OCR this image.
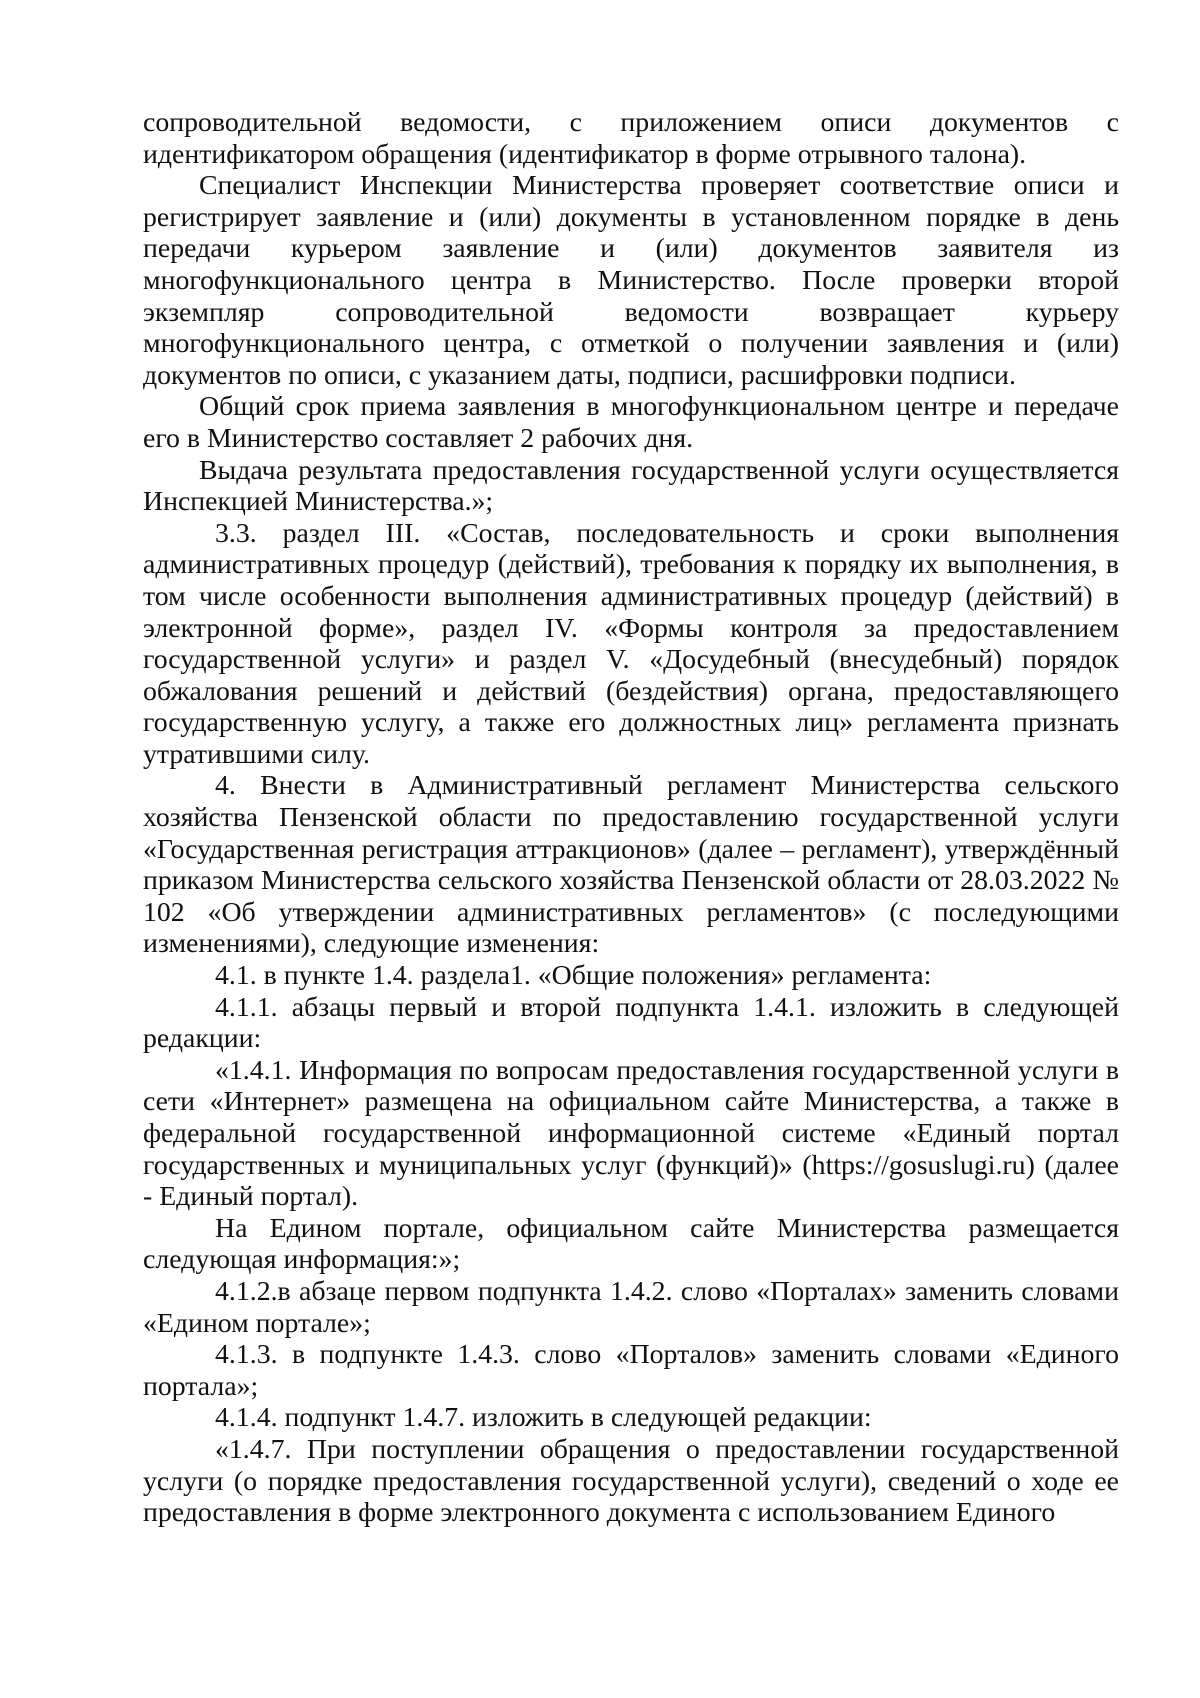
сопроводительной ведомости, с приложением описи документов с идентификатором обращения (идентификатор в форме отрывного талона).

Специалист Инспекции Министерства проверяет соответствие описи и регистрирует заявление и (или) документы в установленном порядке в день передачи курьером заявление и (или) документов заявителя из многофункционального центра в Министерство. После проверки второй экземпляр сопроводительной ведомости возвращает курьеру многофункционального центра, с отметкой о получении заявления и (или) документов по описи, с указанием даты, подписи, расшифровки подписи.

Общий срок приема заявления в многофункциональном центре и передаче его в Министерство составляет 2 рабочих дня.

Выдача результата предоставления государственной услуги осуществляется Инспекцией Министерства.»;

3.3. раздел III. «Состав, последовательность и сроки выполнения административных процедур (действий), требования к порядку их выполнения, в том числе особенности выполнения административных процедур (действий) в электронной форме», раздел IV. «Формы контроля за предоставлением государственной услуги» и раздел V. «Досудебный (внесудебный) порядок обжалования решений и действий (бездействия) органа, предоставляющего государственную услугу, а также его должностных лиц» регламента признать утратившими силу.

4. Внести в Административный регламент Министерства сельского хозяйства Пензенской области по предоставлению государственной услуги «Государственная регистрация аттракционов» (далее – регламент), утверждённый приказом Министерства сельского хозяйства Пензенской области от 28.03.2022 № 102 «Об утверждении административных регламентов» (с последующими изменениями), следующие изменения:

4.1. в пункте 1.4. раздела1. «Общие положения» регламента:

4.1.1. абзацы первый и второй подпункта 1.4.1. изложить в следующей редакции:

«1.4.1. Информация по вопросам предоставления государственной услуги в сети «Интернет» размещена на официальном сайте Министерства, а также в федеральной государственной информационной системе «Единый портал государственных и муниципальных услуг (функций)» (https://gosuslugi.ru) (далее - Единый портал).

На Едином портале, официальном сайте Министерства размещается следующая информация:»;

4.1.2.в абзаце первом подпункта 1.4.2. слово «Порталах» заменить словами «Едином портале»;

4.1.3. в подпункте 1.4.3. слово «Порталов» заменить словами «Единого портала»;

4.1.4. подпункт 1.4.7. изложить в следующей редакции:

«1.4.7. При поступлении обращения о предоставлении государственной услуги (о порядке предоставления государственной услуги), сведений о ходе ее предоставления в форме электронного документа с использованием Единого
